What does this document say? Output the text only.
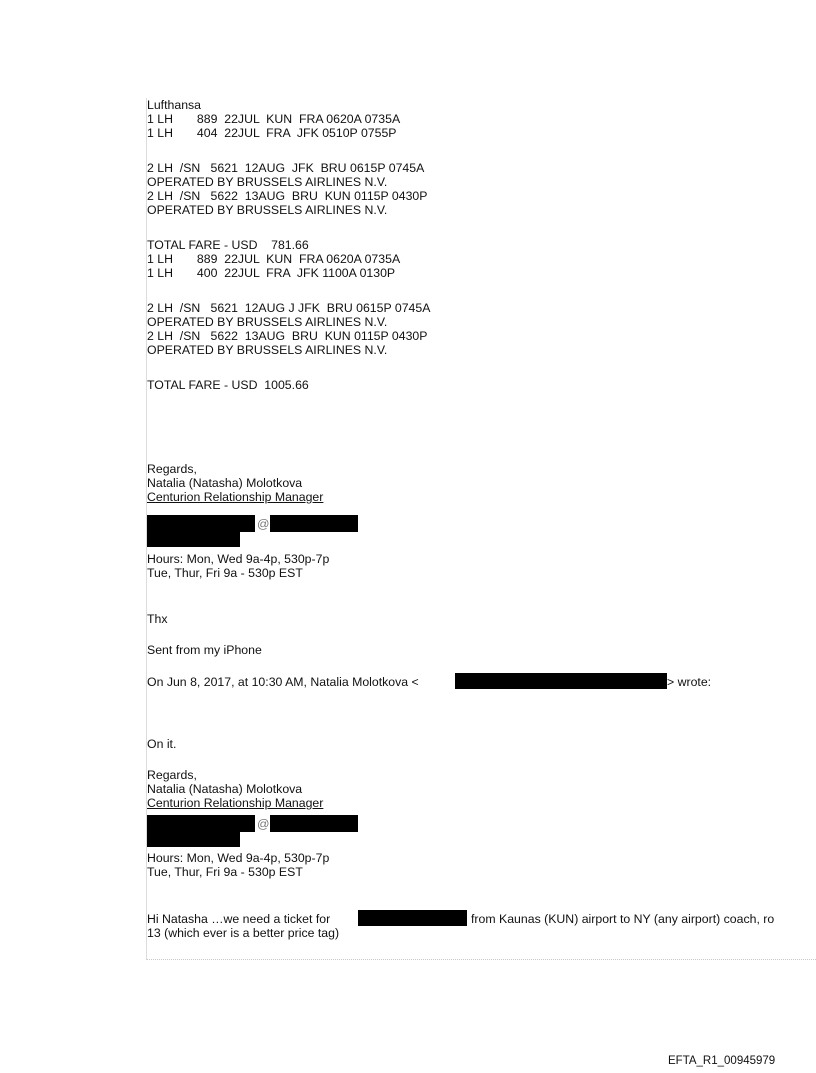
Lufthansa
1 LH       889  22JUL  KUN  FRA 0620A 0735A
1 LH       404  22JUL  FRA  JFK 0510P 0755P
2 LH  /SN   5621  12AUG  JFK  BRU 0615P 0745A
OPERATED BY BRUSSELS AIRLINES N.V.
2 LH  /SN   5622  13AUG  BRU  KUN 0115P 0430P
OPERATED BY BRUSSELS AIRLINES N.V.
TOTAL FARE - USD    781.66
1 LH       889  22JUL  KUN  FRA 0620A 0735A
1 LH       400  22JUL  FRA  JFK 1100A 0130P
2 LH  /SN   5621  12AUG J JFK  BRU 0615P 0745A
OPERATED BY BRUSSELS AIRLINES N.V.
2 LH  /SN   5622  13AUG  BRU  KUN 0115P 0430P
OPERATED BY BRUSSELS AIRLINES N.V.
TOTAL FARE - USD  1005.66
Regards,
Natalia (Natasha) Molotkova
Centurion Relationship Manager
@
Hours: Mon, Wed 9a-4p, 530p-7p
Tue, Thur, Fri 9a - 530p EST
Thx
Sent from my iPhone
On Jun 8, 2017, at 10:30 AM, Natalia Molotkova <	> wrote:
On it.
Regards,
Natalia (Natasha) Molotkova
Centurion Relationship Manager
@
Hours: Mon, Wed 9a-4p, 530p-7p
Tue, Thur, Fri 9a - 530p EST
Hi Natasha …we need a ticket for	from Kaunas (KUN) airport to NY (any airport) coach, ro
13 (which ever is a better price tag)
EFTA_R1_00945979
